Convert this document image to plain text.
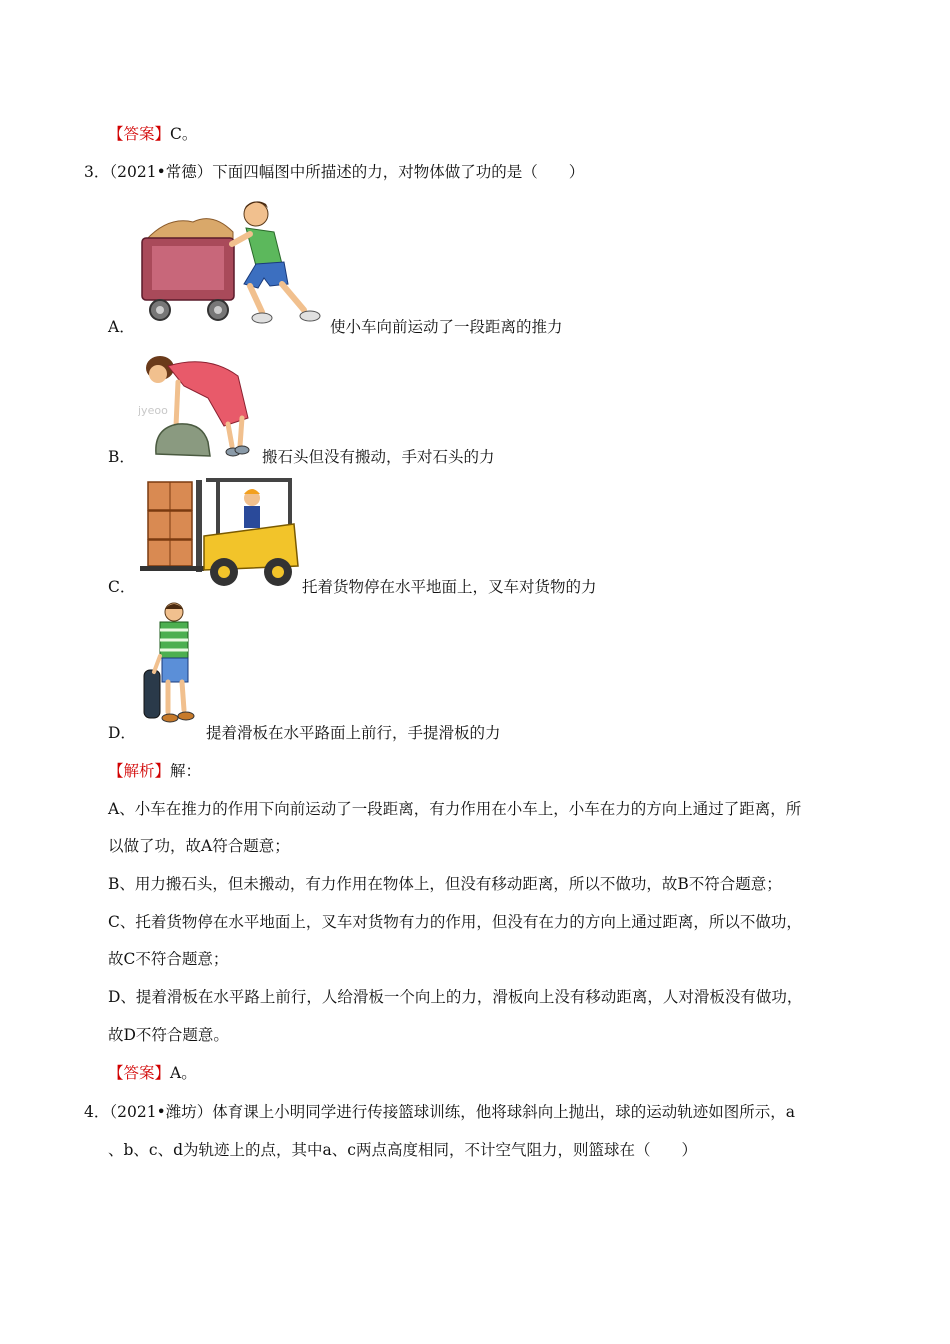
【答案】C。
3．（2021•常德）下面四幅图中所描述的力，对物体做了功的是（　　）
A．	使小车向前运动了一段距离的推力
jyeoo
B．	搬石头但没有搬动，手对石头的力
C．	托着货物停在水平地面上，叉车对货物的力
D．	提着滑板在水平路面上前行，手提滑板的力
【解析】解：
A、小车在推力的作用下向前运动了一段距离，有力作用在小车上，小车在力的方向上通过了距离，所
以做了功，故A符合题意；
B、用力搬石头，但未搬动，有力作用在物体上，但没有移动距离，所以不做功，故B不符合题意；
C、托着货物停在水平地面上，叉车对货物有力的作用，但没有在力的方向上通过距离，所以不做功，
故C不符合题意；
D、提着滑板在水平路上前行，人给滑板一个向上的力，滑板向上没有移动距离，人对滑板没有做功，
故D不符合题意。
【答案】A。
4．（2021•潍坊）体育课上小明同学进行传接篮球训练，他将球斜向上抛出，球的运动轨迹如图所示，a
、b、c、d为轨迹上的点，其中a、c两点高度相同，不计空气阻力，则篮球在（　　）
